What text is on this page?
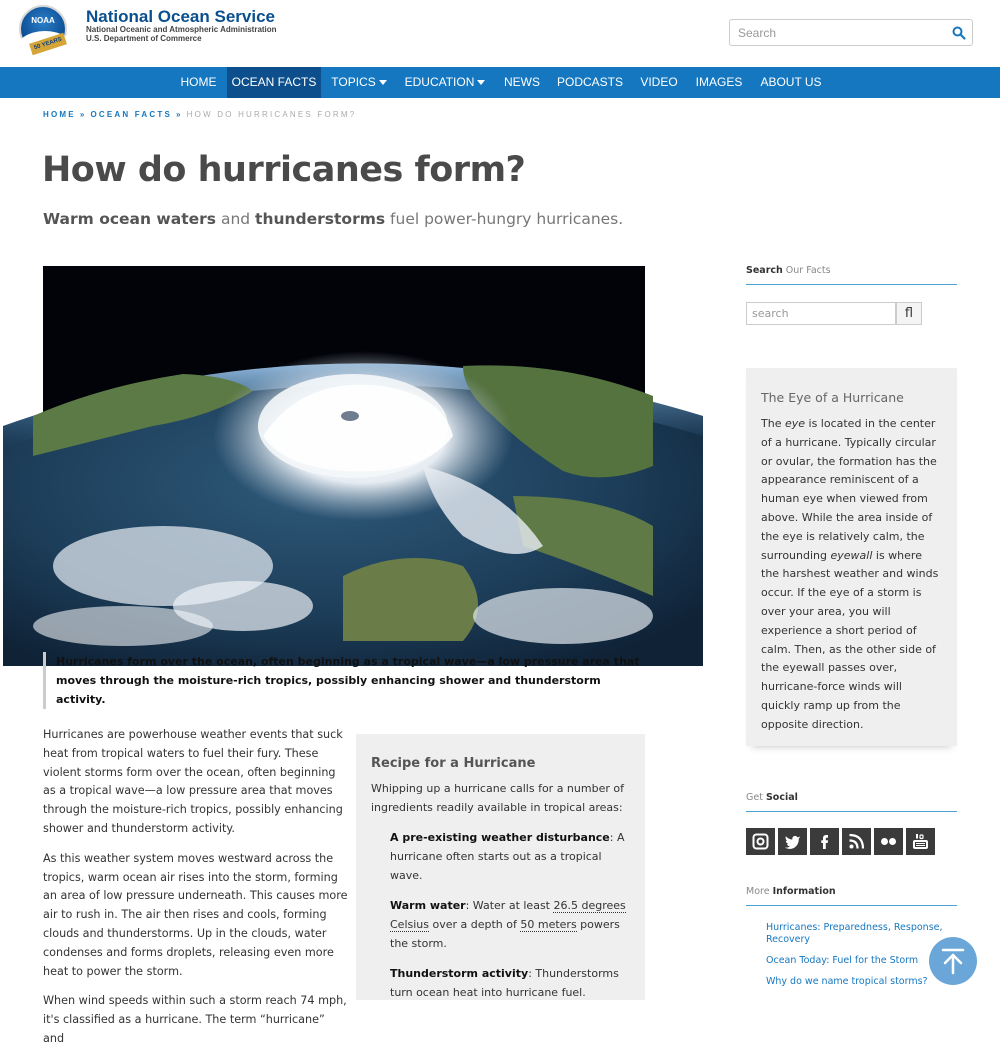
NOAA
50 YEARS
National Ocean Service
National Oceanic and Atmospheric Administration
U.S. Department of Commerce
Search
HOME	OCEAN FACTS	TOPICS	EDUCATION	NEWS	PODCASTS	VIDEO	IMAGES	ABOUT US
HOME » OCEAN FACTS » HOW DO HURRICANES FORM?
How do hurricanes form?
Warm ocean waters and thunderstorms fuel power-hungry hurricanes.
Hurricanes form over the ocean, often beginning as a tropical wave—a low pressure area that moves through the moisture-rich tropics, possibly enhancing shower and thunderstorm activity.

Hurricanes are powerhouse weather events that suck heat from tropical waters to fuel their fury. These violent storms form over the ocean, often beginning as a tropical wave—a low pressure area that moves through the moisture-rich tropics, possibly enhancing shower and thunderstorm activity.

As this weather system moves westward across the tropics, warm ocean air rises into the storm, forming an area of low pressure underneath. This causes more air to rush in. The air then rises and cools, forming clouds and thunderstorms. Up in the clouds, water condenses and forms droplets, releasing even more heat to power the storm.

When wind speeds within such a storm reach 74 mph, it's classified as a hurricane. The term “hurricane” and

Recipe for a Hurricane
Whipping up a hurricane calls for a number of ingredients readily available in tropical areas:
A pre-existing weather disturbance: A hurricane often starts out as a tropical wave.
Warm water: Water at least 26.5 degrees Celsius over a depth of 50 meters powers the storm.
Thunderstorm activity: Thunderstorms turn ocean heat into hurricane fuel.
Search Our Facts
search
fl
The Eye of a Hurricane
The eye is located in the center of a hurricane. Typically circular or ovular, the formation has the appearance reminiscent of a human eye when viewed from above. While the area inside of the eye is relatively calm, the surrounding eyewall is where the harshest weather and winds occur. If the eye of a storm is over your area, you will experience a short period of calm. Then, as the other side of the eyewall passes over, hurricane-force winds will quickly ramp up from the opposite direction.
Get Social
More Information
Hurricanes: Preparedness, Response, Recovery
Ocean Today: Fuel for the Storm
Why do we name tropical storms?
